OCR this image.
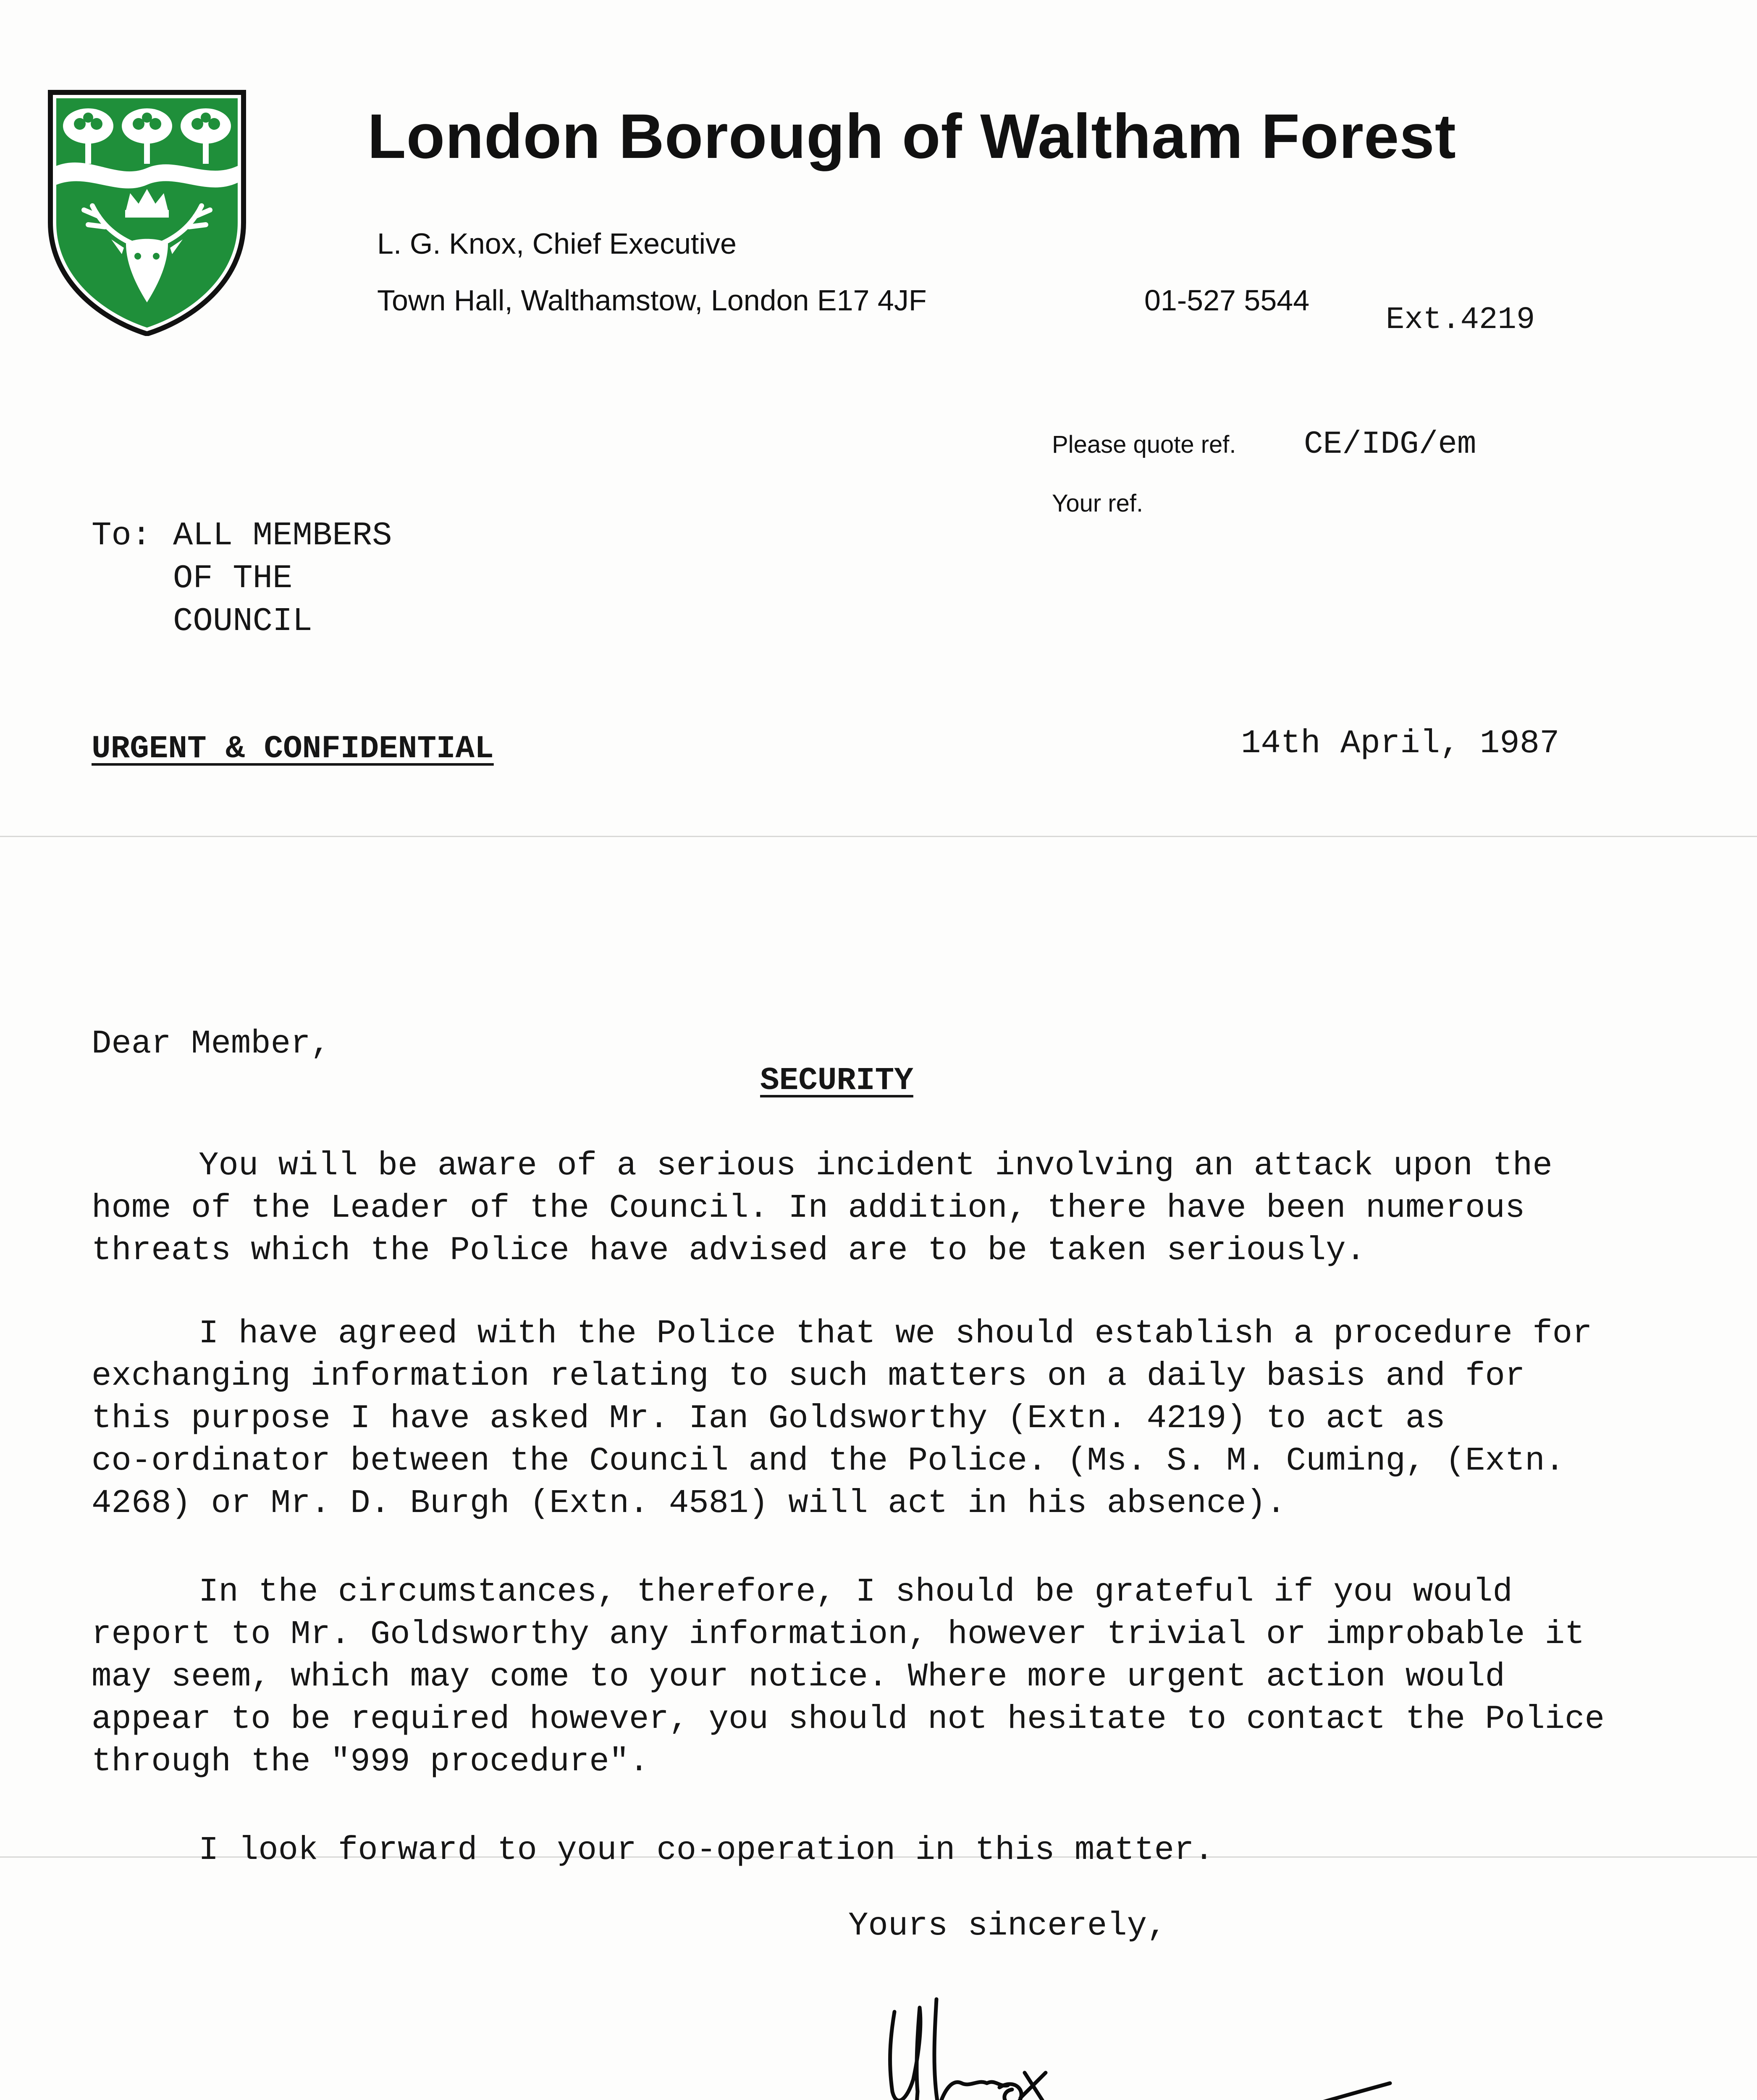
London Borough of Waltham Forest
L. G. Knox, Chief Executive
Town Hall, Walthamstow, London E17 4JF	01-527 5544
Ext.4219
Please quote ref. CE/IDG/em
Your ref.
To: ALL MEMBERS
OF THE
COUNCIL
URGENT & CONFIDENTIAL	14th April, 1987
Dear Member,
SECURITY
You will be aware of a serious incident involving an attack upon the
home of the Leader of the Council. In addition, there have been numerous
threats which the Police have advised are to be taken seriously.
I have agreed with the Police that we should establish a procedure for
exchanging information relating to such matters on a daily basis and for
this purpose I have asked Mr. Ian Goldsworthy (Extn. 4219) to act as
co-ordinator between the Council and the Police. (Ms. S. M. Cuming, (Extn.
4268) or Mr. D. Burgh (Extn. 4581) will act in his absence).
In the circumstances, therefore, I should be grateful if you would
report to Mr. Goldsworthy any information, however trivial or improbable it
may seem, which may come to your notice. Where more urgent action would
appear to be required however, you should not hesitate to contact the Police
through the "999 procedure".
I look forward to your co-operation in this matter.
Yours sincerely,
